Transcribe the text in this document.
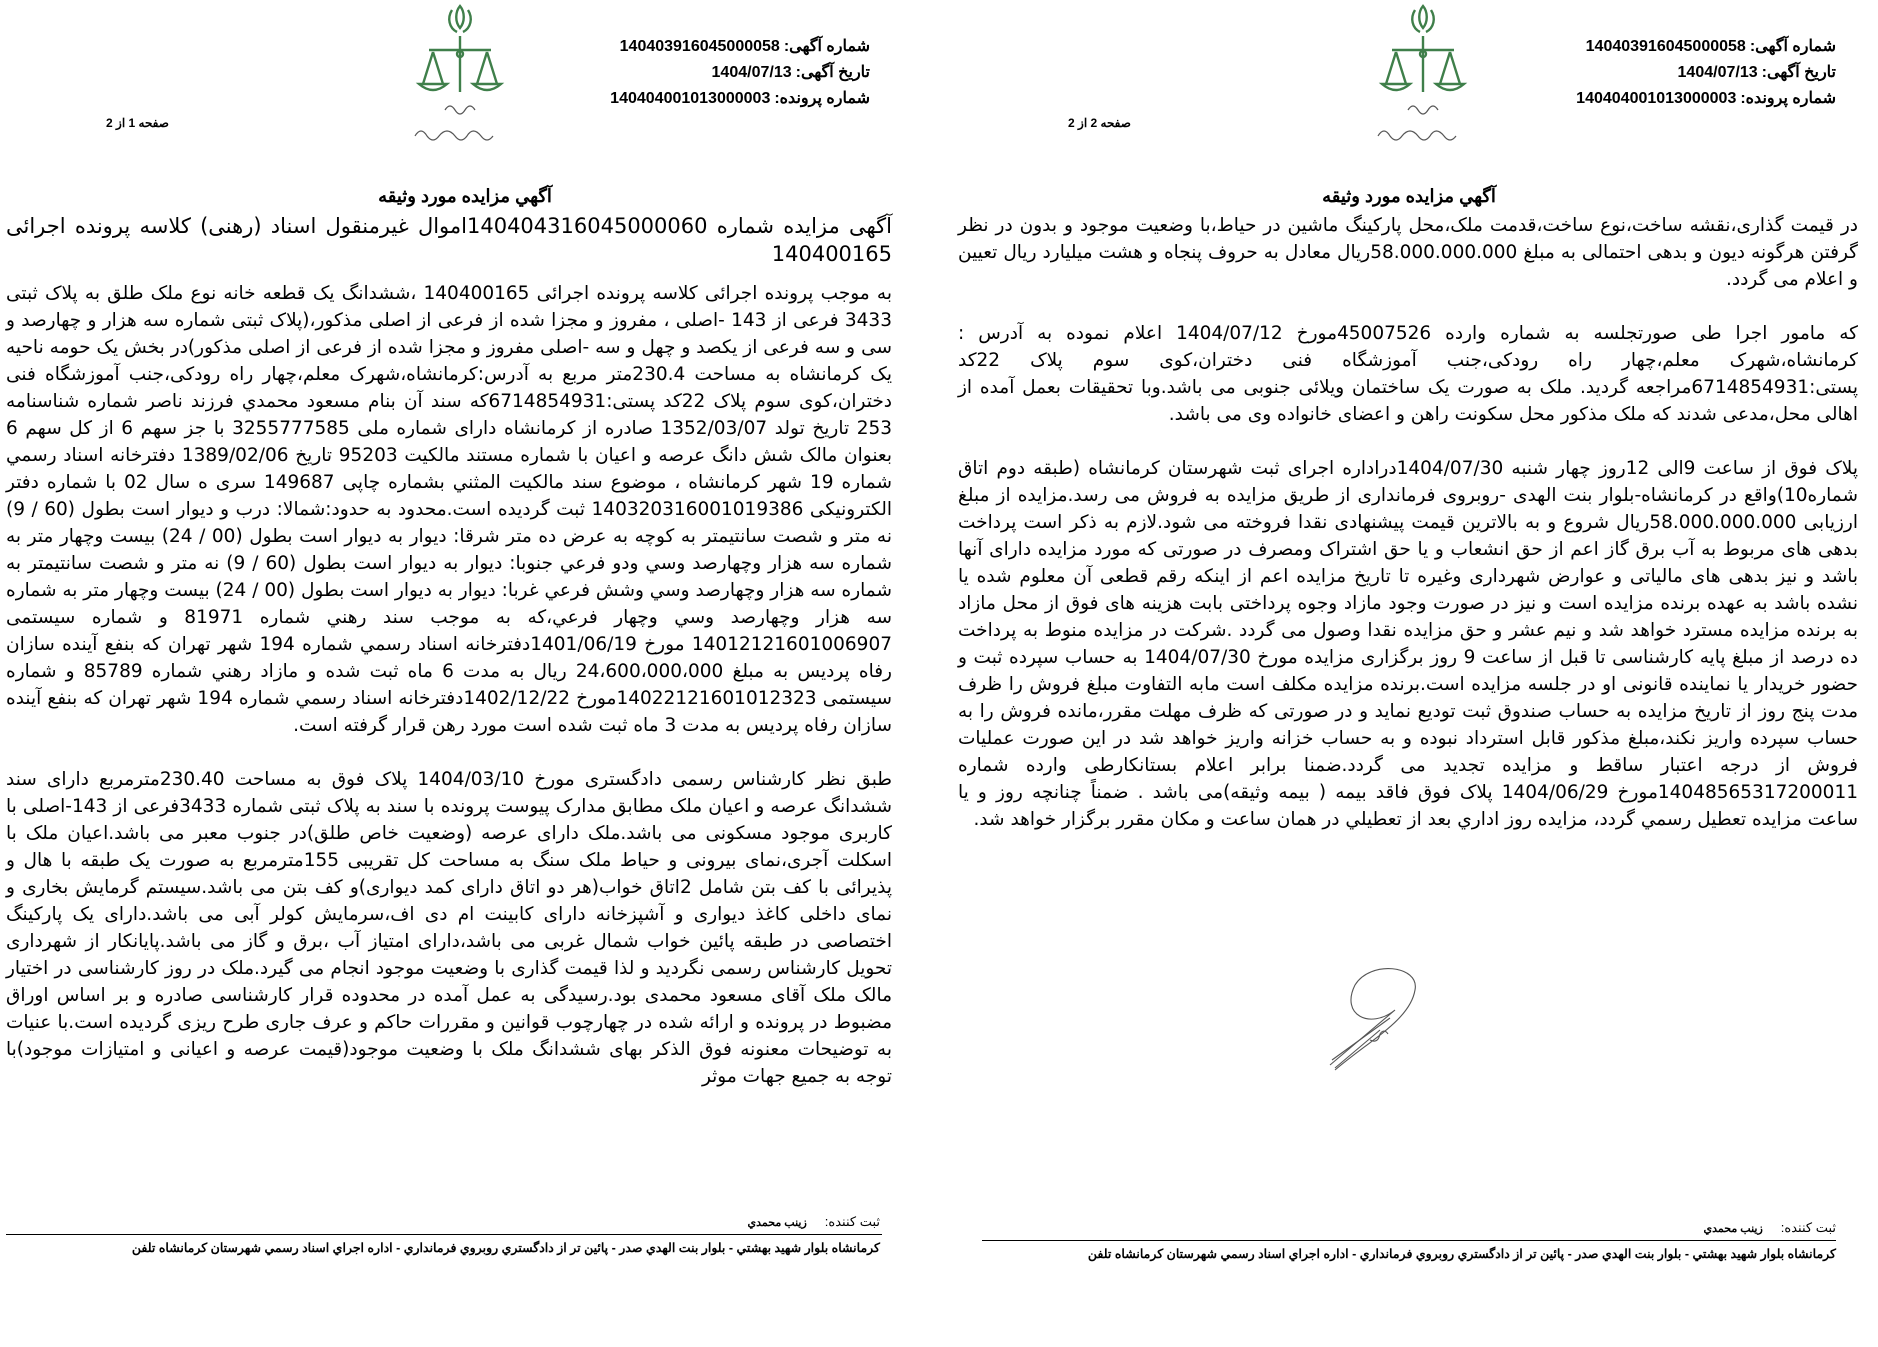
شماره آگهی:140403916045000058
تاریخ آگهی:1404/07/13
شماره پرونده:140404001013000003
صفحه 1 از 2
آگهي مزايده مورد وثيقه

آگهی مزایده شماره 140404316045000060اموال غیرمنقول اسناد (رهنی) کلاسه پرونده اجرائی 140400165

به موجب پرونده اجرائی کلاسه پرونده اجرائی 140400165 ،ششدانگ یک قطعه خانه نوع ملک طلق به پلاک ثبتی 3433 فرعی از 143 -اصلی ، مفروز و مجزا شده از فرعی از اصلی مذکور،(پلاک ثبتی شماره سه هزار و چهارصد و سی و سه فرعی از یکصد و چهل و سه -اصلی مفروز و مجزا شده از فرعی از اصلی مذکور)در بخش یک حومه ناحیه یک کرمانشاه به مساحت 230.4متر مربع به آدرس:کرمانشاه،شهرک معلم،چهار راه رودکی،جنب آموزشگاه فنی دختران،کوی سوم پلاک 22کد پستی:6714854931که سند آن بنام مسعود محمدي فرزند ناصر شماره شناسنامه 253 تاریخ تولد 1352/03/07 صادره از کرمانشاه دارای شماره ملی 3255777585 با جز سهم 6 از کل سهم 6 بعنوان مالک شش دانگ عرصه و اعیان با شماره مستند مالکیت 95203 تاریخ 1389/02/06 دفترخانه اسناد رسمي شماره 19 شهر کرمانشاه ، موضوع سند مالکیت المثني بشماره چاپی 149687 سری ه سال 02 با شماره دفتر الکترونیکی 140320316001019386 ثبت گردیده است.محدود به حدود:شمالا: درب و دیوار است بطول (60 / 9) نه متر و شصت سانتيمتر به کوچه به عرض ده متر شرقا: ديوار به ديوار است بطول (00 / 24) بيست وچهار متر به شماره سه هزار وچهارصد وسي ودو فرعي جنوبا: ديوار به ديوار است بطول (60 / 9) نه متر و شصت سانتيمتر به شماره سه هزار وچهارصد وسي وشش فرعي غربا: ديوار به ديوار است بطول (00 / 24) بيست وچهار متر به شماره سه هزار وچهارصد وسي وچهار فرعي،که به موجب سند رهني شماره 81971 و شماره سیستمی 14012121601006907 مورخ 1401/06/19دفترخانه اسناد رسمي شماره 194 شهر تهران که بنفع آينده سازان رفاه پرديس به مبلغ 24،600،000،000 ریال به مدت 6 ماه ثبت شده و مازاد رهني شماره 85789 و شماره سیستمی 14022121601012323مورخ 1402/12/22دفترخانه اسناد رسمي شماره 194 شهر تهران که بنفع آينده سازان رفاه پرديس به مدت 3 ماه ثبت شده است مورد رهن قرار گرفته است.

طبق نظر کارشناس رسمی دادگستری مورخ 1404/03/10 پلاک فوق به مساحت 230.40مترمربع دارای سند ششدانگ عرصه و اعیان ملک مطابق مدارک پیوست پرونده با سند به پلاک ثبتی شماره 3433فرعی از 143-اصلی با کاربری موجود مسکونی می باشد.ملک دارای عرصه (وضعیت خاص طلق)در جنوب معبر می باشد.اعیان ملک با اسکلت آجری،نمای بیرونی و حیاط ملک سنگ به مساحت کل تقریبی 155مترمربع به صورت یک طبقه با هال و پذیرائی با کف بتن شامل 2اتاق خواب(هر دو اتاق دارای کمد دیواری)و کف بتن می باشد.سیستم گرمایش بخاری و نمای داخلی کاغذ دیواری و آشپزخانه دارای کابینت ام دی اف،سرمایش کولر آبی می باشد.دارای یک پارکینگ اختصاصی در طبقه پائین خواب شمال غربی می باشد،دارای امتیاز آب ،برق و گاز می باشد.پایانکار از شهرداری تحویل کارشناس رسمی نگردید و لذا قیمت گذاری با وضعیت موجود انجام می گیرد.ملک در روز کارشناسی در اختیار مالک ملک آقای مسعود محمدی بود.رسیدگی به عمل آمده در محدوده قرار کارشناسی صادره و بر اساس اوراق مضبوط در پرونده و ارائه شده در چهارچوب قوانین و مقررات حاکم و عرف جاری طرح ریزی گردیده است.با عنیات به توضیحات معنونه فوق الذکر بهای ششدانگ ملک با وضعیت موجود(قیمت عرصه و اعیانی و امتیازات موجود)با توجه به جمیع جهات موثر

ثبت کننده:زينب محمدي
كرمانشاه بلوار شهيد بهشتي - بلوار بنت الهدي صدر - پائين تر از دادگستري روبروي فرمانداري - اداره اجراي اسناد رسمي شهرستان كرمانشاه تلفن
شماره آگهی:140403916045000058
تاریخ آگهی:1404/07/13
شماره پرونده:140404001013000003
صفحه 2 از 2
آگهي مزايده مورد وثيقه

در قیمت گذاری،نقشه ساخت،نوع ساخت،قدمت ملک،محل پارکینگ ماشین در حیاط،با وضعیت موجود و بدون در نظر گرفتن هرگونه دیون و بدهی احتمالی به مبلغ 58.000.000.000ریال معادل به حروف پنجاه و هشت میلیارد ریال تعیین و اعلام می گردد.

که مامور اجرا طی صورتجلسه به شماره وارده 45007526مورخ 1404/07/12 اعلام نموده به آدرس : کرمانشاه،شهرک معلم،چهار راه رودکی،جنب آموزشگاه فنی دختران،کوی سوم پلاک 22کد پستی:6714854931مراجعه گردید. ملک به صورت یک ساختمان ویلائی جنوبی می باشد.وبا تحقیقات بعمل آمده از اهالی محل،مدعی شدند که ملک مذکور محل سکونت راهن و اعضای خانواده وی می باشد.

پلاک فوق از ساعت 9الی 12روز چهار شنبه 1404/07/30دراداره اجرای ثبت شهرستان کرمانشاه (طبقه دوم اتاق شماره10)واقع در کرمانشاه-بلوار بنت الهدی -روبروی فرمانداری از طریق مزایده به فروش می رسد.مزایده از مبلغ ارزیابی 58.000.000.000ریال شروع و به بالاترین قیمت پیشنهادی نقدا فروخته می شود.لازم به ذکر است پرداخت بدهی های مربوط به آب برق گاز اعم از حق انشعاب و یا حق اشتراک ومصرف در صورتی که مورد مزایده دارای آنها باشد و نیز بدهی های مالیاتی و عوارض شهرداری وغیره تا تاریخ مزایده اعم از اینکه رقم قطعی آن معلوم شده یا نشده باشد به عهده برنده مزایده است و نیز در صورت وجود مازاد وجوه پرداختی بابت هزینه های فوق از محل مازاد به برنده مزایده مسترد خواهد شد و نیم عشر و حق مزایده نقدا وصول می گردد .شرکت در مزایده منوط به پرداخت ده درصد از مبلغ پایه کارشناسی تا قبل از ساعت 9 روز برگزاری مزایده مورخ 1404/07/30 به حساب سپرده ثبت و حضور خریدار یا نماینده قانونی او در جلسه مزایده است.برنده مزایده مکلف است مابه التفاوت مبلغ فروش را ظرف مدت پنج روز از تاریخ مزایده به حساب صندوق ثبت تودیع نماید و در صورتی که ظرف مهلت مقرر،مانده فروش را به حساب سپرده واریز نکند،مبلغ مذکور قابل استرداد نبوده و به حساب خزانه واریز خواهد شد در این صورت عملیات فروش از درجه اعتبار ساقط و مزایده تجدید می گردد.ضمنا برابر اعلام بستانکارطی وارده شماره 14048565317200011مورخ 1404/06/29 پلاک فوق فاقد بیمه ( بیمه وثیقه)می باشد . ضمناً چنانچه روز و يا ساعت مزايده تعطيل رسمي گردد، مزايده روز اداري بعد از تعطيلي در همان ساعت و مکان مقرر برگزار خواهد شد.

ثبت کننده:زينب محمدي
كرمانشاه بلوار شهيد بهشتي - بلوار بنت الهدي صدر - پائين تر از دادگستري روبروي فرمانداري - اداره اجراي اسناد رسمي شهرستان كرمانشاه تلفن
